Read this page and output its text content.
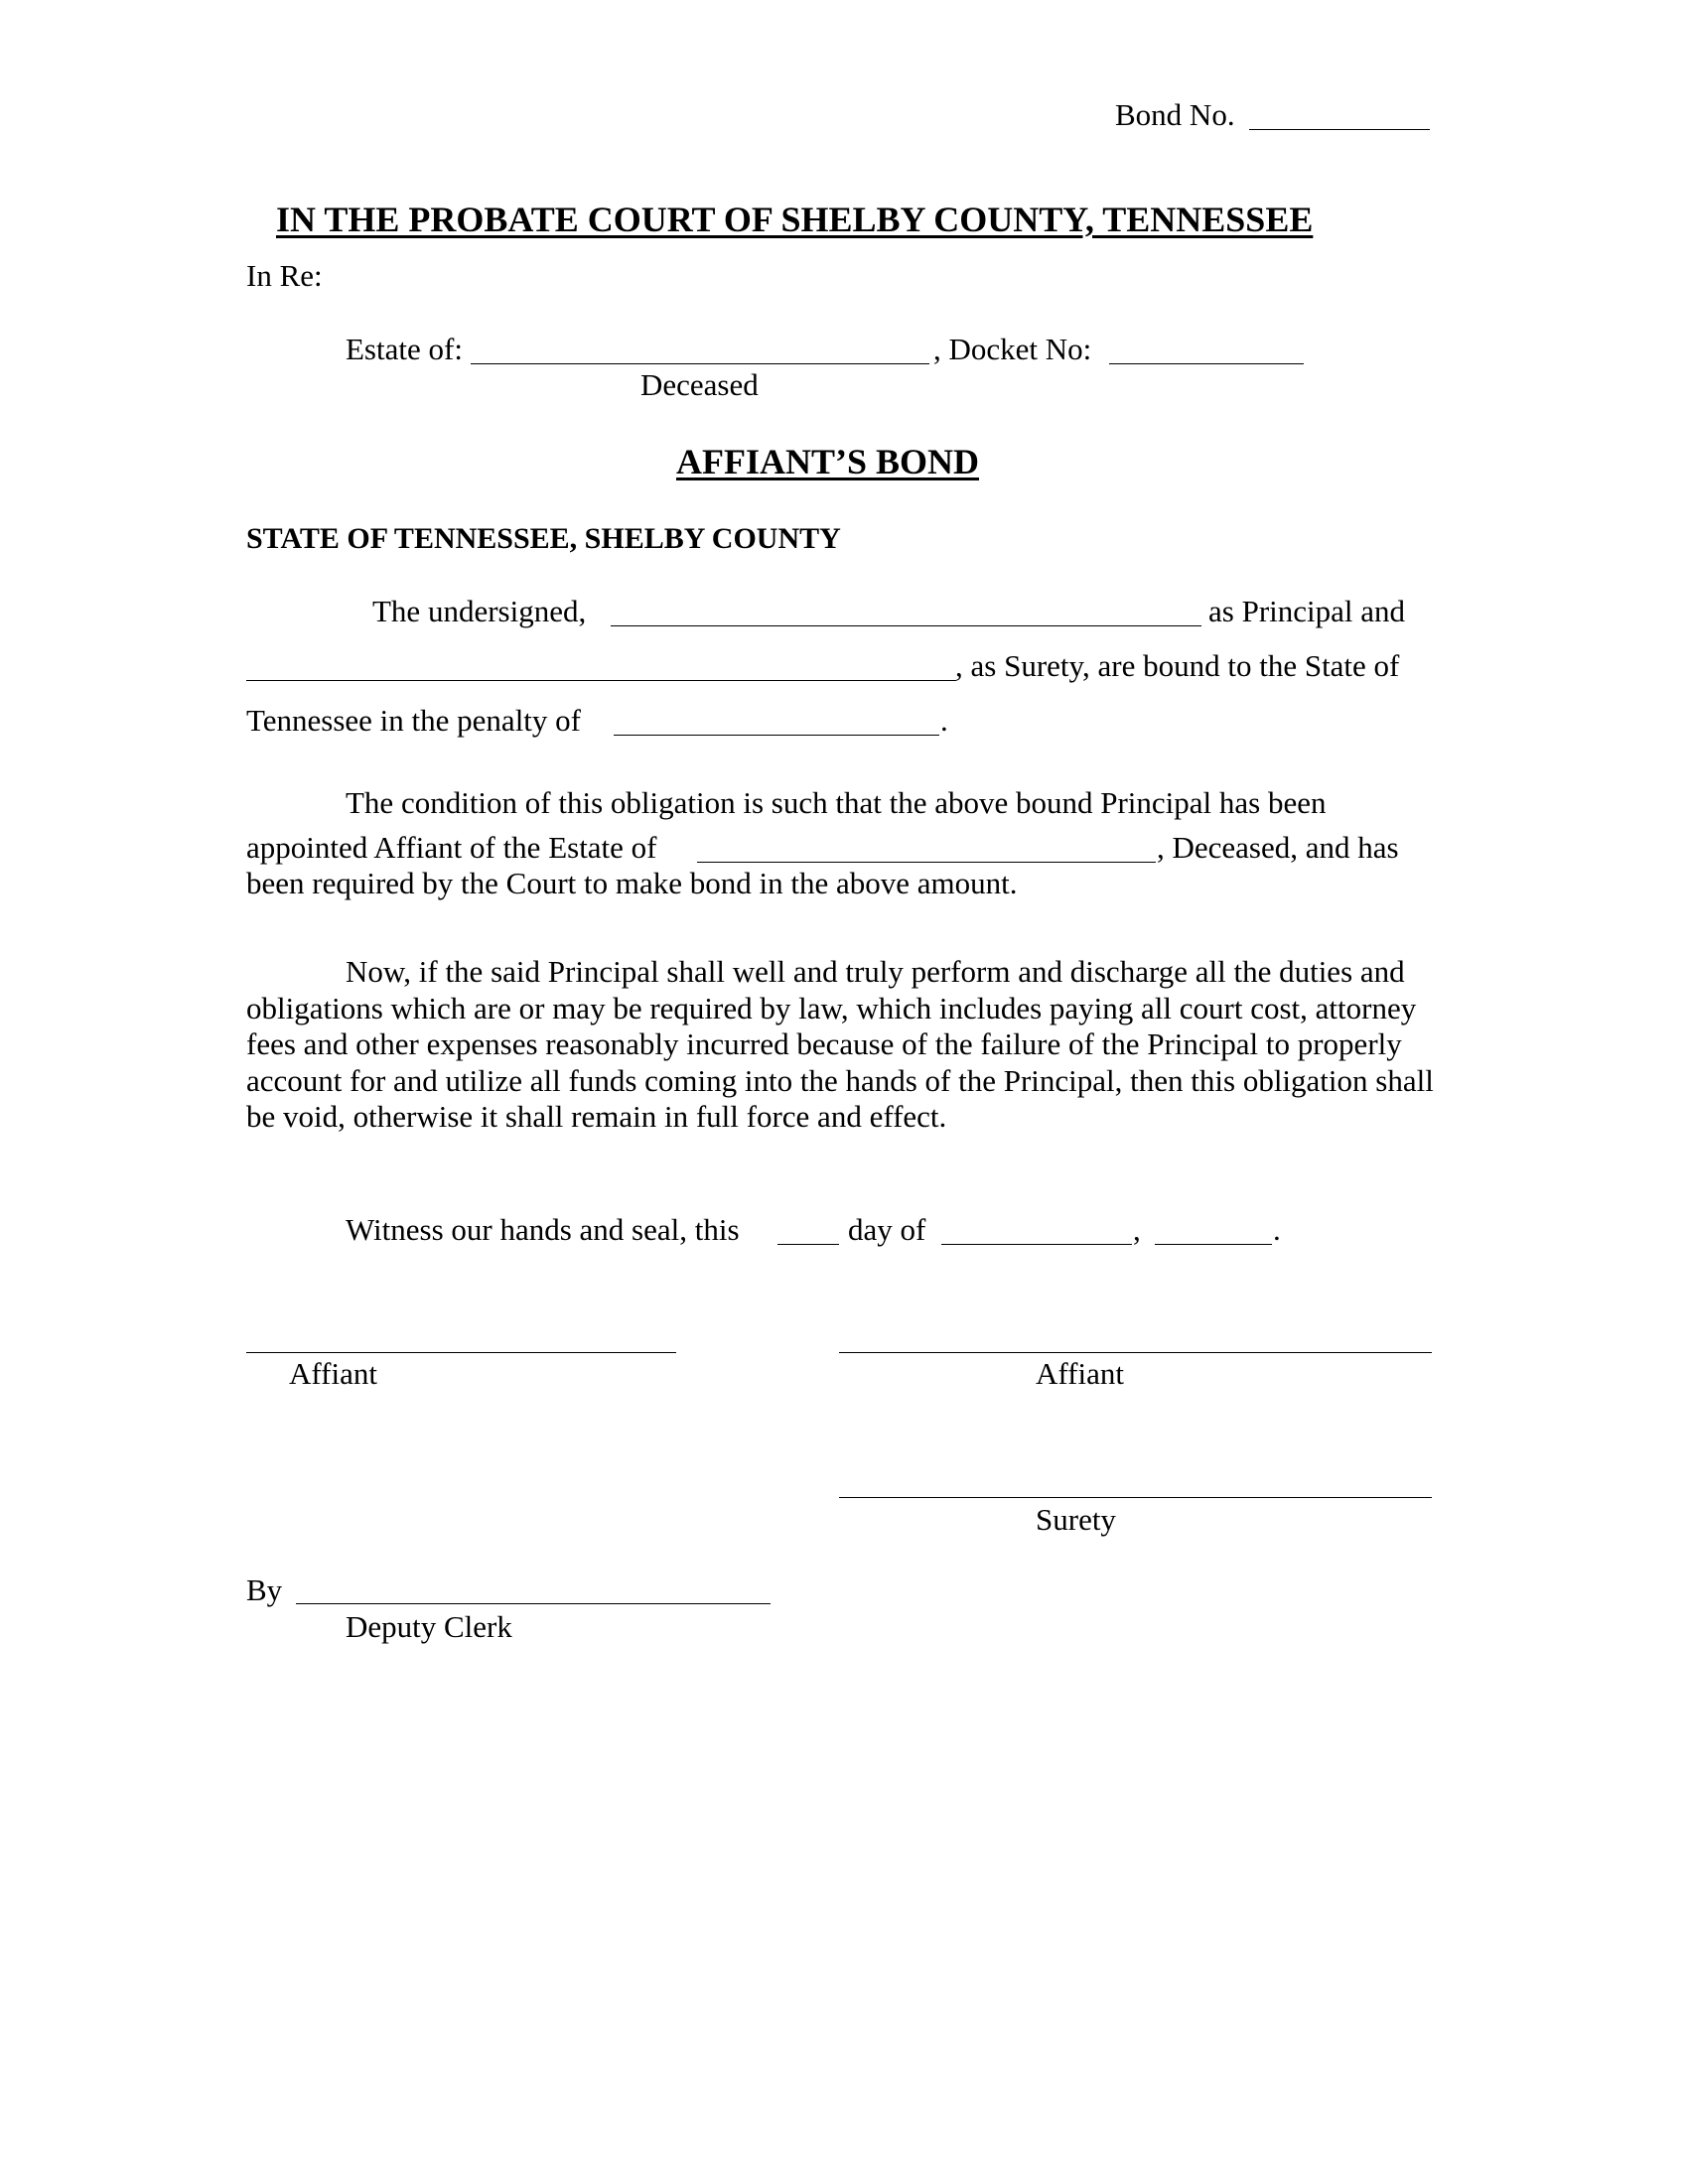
Bond No.
IN THE PROBATE COURT OF SHELBY COUNTY, TENNESSEE
In Re:
Estate of:	, Docket No:
Deceased
AFFIANT’S BOND
STATE OF TENNESSEE, SHELBY COUNTY
The undersigned,	as Principal and
, as Surety, are bound to the State of
Tennessee in the penalty of	.
The condition of this obligation is such that the above bound Principal has been
appointed Affiant of the Estate of	, Deceased, and has
been required by the Court to make bond in the above amount.
Now, if the said Principal shall well and truly perform and discharge all the duties and obligations which are or may be required by law, which includes paying all court cost, attorney fees and other expenses reasonably incurred because of the failure of the Principal to properly account for and utilize all funds coming into the hands of the Principal, then this obligation shall be void, otherwise it shall remain in full force and effect.
Witness our hands and seal, this	day of	,	.
Affiant	Affiant
Surety
By
Deputy Clerk
